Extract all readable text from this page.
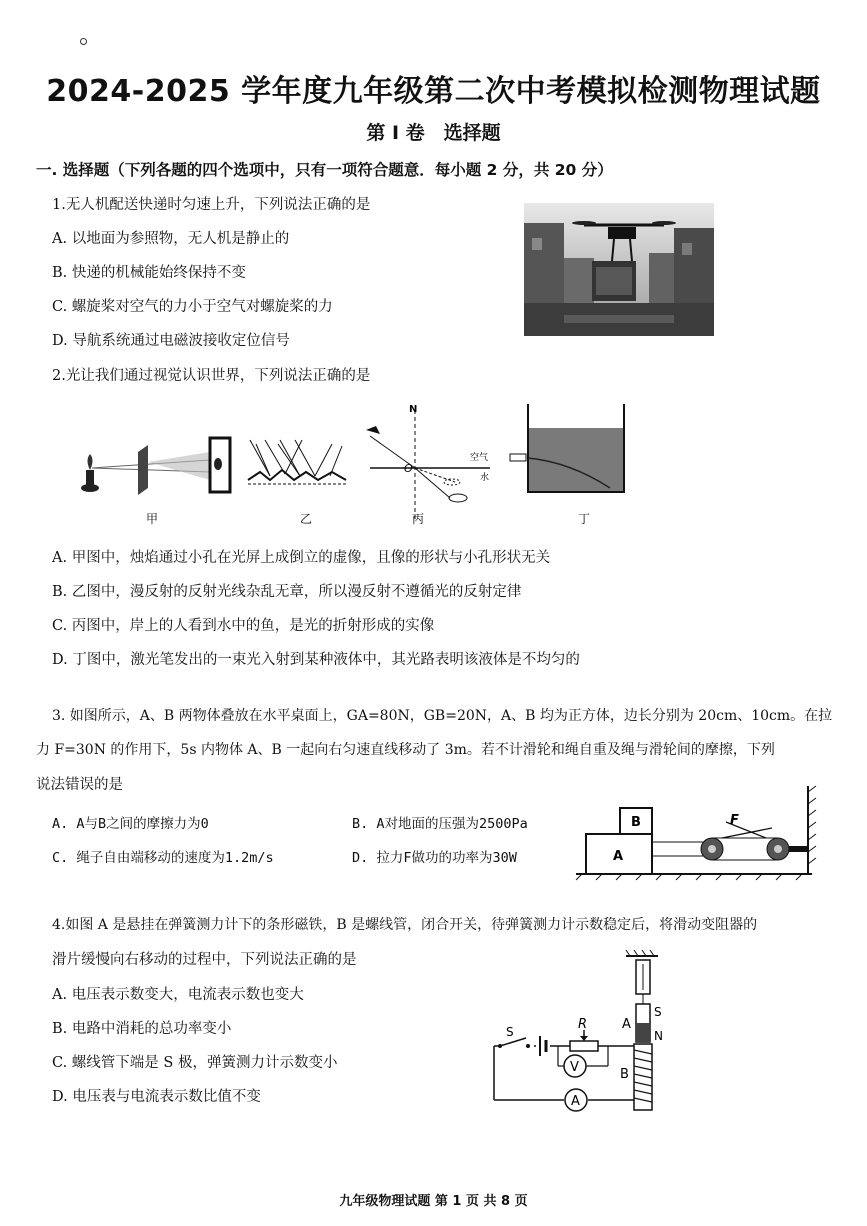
2024-2025 学年度九年级第二次中考模拟检测物理试题
第 I 卷　选择题
一. 选择题（下列各题的四个选项中，只有一项符合题意．每小题 2 分，共 20 分）
1.无人机配送快递时匀速上升，下列说法正确的是
A. 以地面为参照物，无人机是静止的
B. 快递的机械能始终保持不变
C. 螺旋桨对空气的力小于空气对螺旋桨的力
D. 导航系统通过电磁波接收定位信号
2.光让我们通过视觉认识世界，下列说法正确的是
N
O
空气
水
甲	乙	丙	丁
A. 甲图中，烛焰通过小孔在光屏上成倒立的虚像，且像的形状与小孔形状无关
B. 乙图中，漫反射的反射光线杂乱无章，所以漫反射不遵循光的反射定律
C. 丙图中，岸上的人看到水中的鱼，是光的折射形成的实像
D. 丁图中，激光笔发出的一束光入射到某种液体中，其光路表明该液体是不均匀的
3. 如图所示，A、B 两物体叠放在水平桌面上，GA=80N，GB=20N，A、B 均为正方体，边长分别为 20cm、10cm。在拉
力 F=30N 的作用下，5s 内物体 A、B 一起向右匀速直线移动了 3m。若不计滑轮和绳自重及绳与滑轮间的摩擦，下列
说法错误的是
A. A与B之间的摩擦力为0	B. A对地面的压强为2500Pa
C. 绳子自由端移动的速度为1.2m/s	D. 拉力F做功的功率为30W
B
A
F
4.如图 A 是悬挂在弹簧测力计下的条形磁铁，B 是螺线管，闭合开关，待弹簧测力计示数稳定后，将滑动变阻器的
滑片缓慢向右移动的过程中，下列说法正确的是
A. 电压表示数变大，电流表示数也变大
B. 电路中消耗的总功率变小
C. 螺线管下端是 S 极，弹簧测力计示数变小
D. 电压表与电流表示数比值不变
S
N
A
B
A
S	R
V
九年级物理试题 第 1 页 共 8 页
